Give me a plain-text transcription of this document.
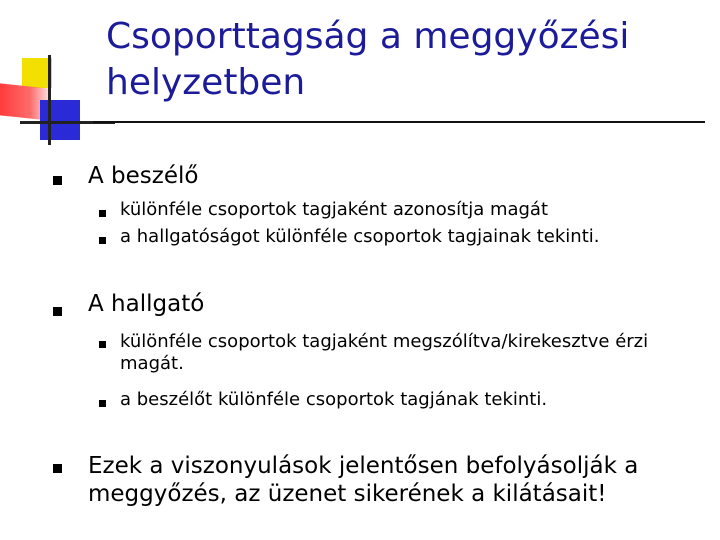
Csoporttagság a meggyőzési helyzetben

A beszélő

különféle csoportok tagjaként azonosítja magát

a hallgatóságot különféle csoportok tagjainak tekinti.

A hallgató

különféle csoportok tagjaként megszólítva/kirekesztve érzi magát.

a beszélőt különféle csoportok tagjának tekinti.

Ezek a viszonyulások jelentősen befolyásolják a meggyőzés, az üzenet sikerének a kilátásait!
